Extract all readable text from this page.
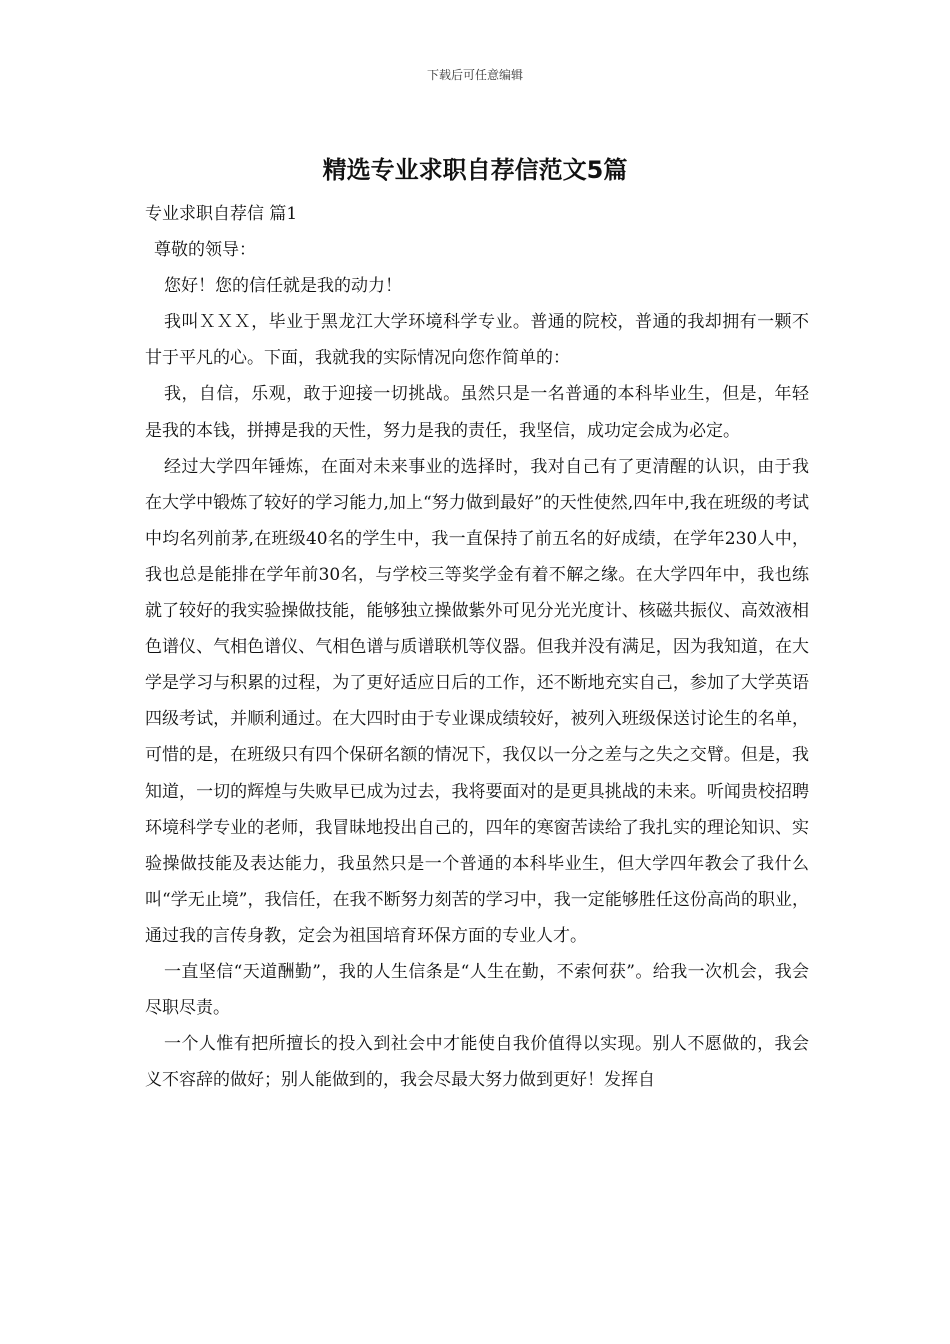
下载后可任意编辑
精选专业求职自荐信范文5篇

专业求职自荐信 篇1

尊敬的领导：

您好！您的信任就是我的动力！

我叫ＸＸＸ，毕业于黑龙江大学环境科学专业。普通的院校，普通的我却拥有一颗不甘于平凡的心。下面，我就我的实际情况向您作简单的：

我，自信，乐观，敢于迎接一切挑战。虽然只是一名普通的本科毕业生，但是，年轻是我的本钱，拼搏是我的天性，努力是我的责任，我坚信，成功定会成为必定。

经过大学四年锤炼，在面对未来事业的选择时，我对自己有了更清醒的认识，由于我在大学中锻炼了较好的学习能力,加上“努力做到最好”的天性使然,四年中,我在班级的考试中均名列前茅,在班级40名的学生中，我一直保持了前五名的好成绩，在学年230人中，我也总是能排在学年前30名，与学校三等奖学金有着不解之缘。在大学四年中，我也练就了较好的我实验操做技能，能够独立操做紫外可见分光光度计、核磁共振仪、高效液相色谱仪、气相色谱仪、气相色谱与质谱联机等仪器。但我并没有满足，因为我知道，在大学是学习与积累的过程，为了更好适应日后的工作，还不断地充实自己，参加了大学英语四级考试，并顺利通过。在大四时由于专业课成绩较好，被列入班级保送讨论生的名单，可惜的是，在班级只有四个保研名额的情况下，我仅以一分之差与之失之交臂。但是，我知道，一切的辉煌与失败早已成为过去，我将要面对的是更具挑战的未来。听闻贵校招聘环境科学专业的老师，我冒昧地投出自己的，四年的寒窗苦读给了我扎实的理论知识、实验操做技能及表达能力，我虽然只是一个普通的本科毕业生，但大学四年教会了我什么叫“学无止境”，我信任，在我不断努力刻苦的学习中，我一定能够胜任这份高尚的职业，通过我的言传身教，定会为祖国培育环保方面的专业人才。

一直坚信“天道酬勤”，我的人生信条是“人生在勤，不索何获”。给我一次机会，我会尽职尽责。

一个人惟有把所擅长的投入到社会中才能使自我价值得以实现。别人不愿做的，我会义不容辞的做好；别人能做到的，我会尽最大努力做到更好！发挥自
